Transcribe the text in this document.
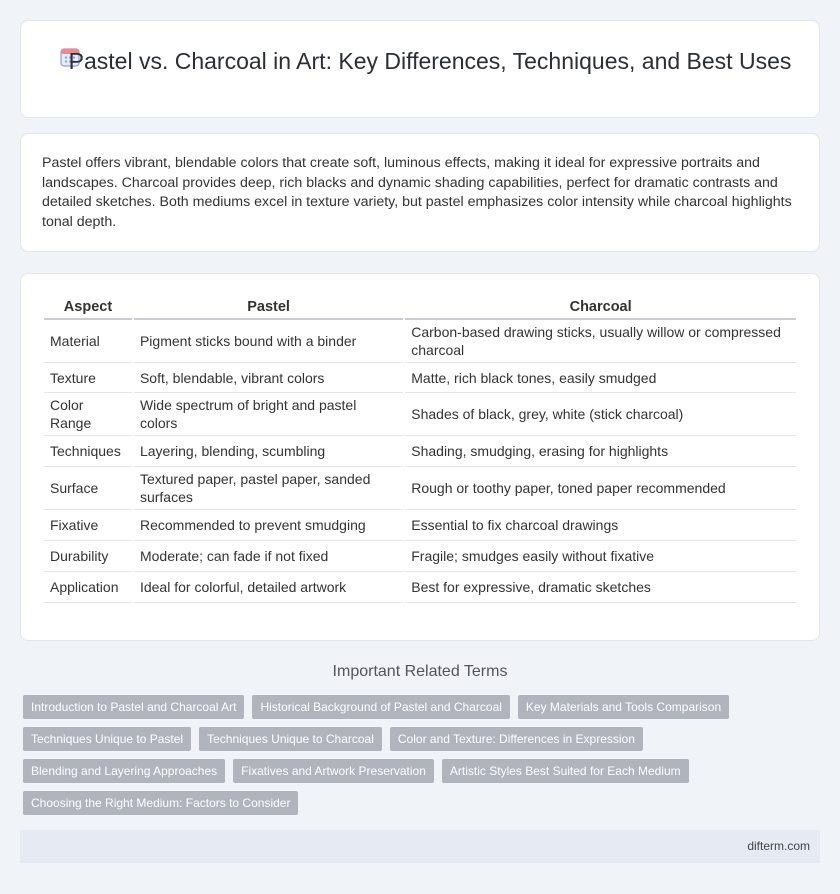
Pastel vs. Charcoal in Art: Key Differences, Techniques, and Best Uses

Pastel offers vibrant, blendable colors that create soft, luminous effects, making it ideal for expressive portraits and landscapes. Charcoal provides deep, rich blacks and dynamic shading capabilities, perfect for dramatic contrasts and detailed sketches. Both mediums excel in texture variety, but pastel emphasizes color intensity while charcoal highlights tonal depth.

Aspect	Pastel	Charcoal
Material	Pigment sticks bound with a binder	Carbon-based drawing sticks, usually willow or compressed charcoal
Texture	Soft, blendable, vibrant colors	Matte, rich black tones, easily smudged
Color Range	Wide spectrum of bright and pastel colors	Shades of black, grey, white (stick charcoal)
Techniques	Layering, blending, scumbling	Shading, smudging, erasing for highlights
Surface	Textured paper, pastel paper, sanded surfaces	Rough or toothy paper, toned paper recommended
Fixative	Recommended to prevent smudging	Essential to fix charcoal drawings
Durability	Moderate; can fade if not fixed	Fragile; smudges easily without fixative
Application	Ideal for colorful, detailed artwork	Best for expressive, dramatic sketches
Important Related Terms
Introduction to Pastel and Charcoal Art	Historical Background of Pastel and Charcoal	Key Materials and Tools Comparison
Techniques Unique to Pastel	Techniques Unique to Charcoal	Color and Texture: Differences in Expression
Blending and Layering Approaches	Fixatives and Artwork Preservation	Artistic Styles Best Suited for Each Medium
Choosing the Right Medium: Factors to Consider
difterm.com
